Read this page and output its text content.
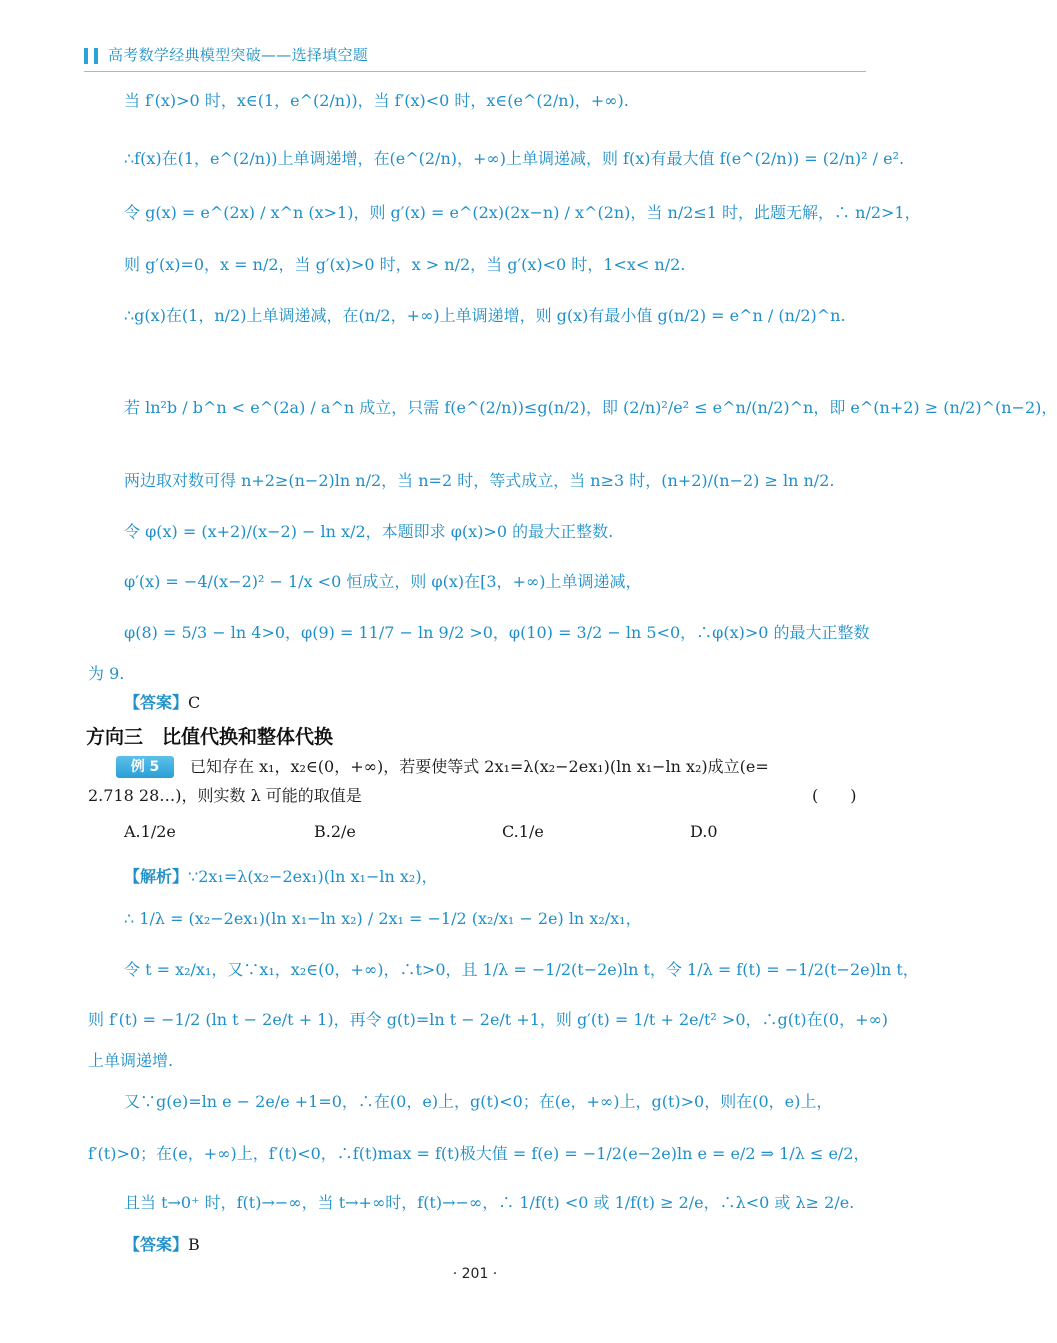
高考数学经典模型突破——选择填空题
当 f′(x)>0 时，x∈(1，e^(2/n))，当 f′(x)<0 时，x∈(e^(2/n)，+∞).
∴f(x)在(1，e^(2/n))上单调递增，在(e^(2/n)，+∞)上单调递减，则 f(x)有最大值 f(e^(2/n)) = (2/n)² / e².
令 g(x) = e^(2x) / x^n (x>1)，则 g′(x) = e^(2x)(2x−n) / x^(2n)，当 n/2≤1 时，此题无解，∴ n/2>1，
则 g′(x)=0，x = n/2，当 g′(x)>0 时，x > n/2，当 g′(x)<0 时，1<x< n/2.
∴g(x)在(1，n/2)上单调递减，在(n/2，+∞)上单调递增，则 g(x)有最小值 g(n/2) = e^n / (n/2)^n.
若 ln²b / b^n < e^(2a) / a^n 成立，只需 f(e^(2/n))≤g(n/2)，即 (2/n)²/e² ≤ e^n/(n/2)^n，即 e^(n+2) ≥ (n/2)^(n−2)，
两边取对数可得 n+2≥(n−2)ln n/2，当 n=2 时，等式成立，当 n≥3 时，(n+2)/(n−2) ≥ ln n/2.
令 φ(x) = (x+2)/(x−2) − ln x/2，本题即求 φ(x)>0 的最大正整数.
φ′(x) = −4/(x−2)² − 1/x <0 恒成立，则 φ(x)在[3，+∞)上单调递减，
φ(8) = 5/3 − ln 4>0，φ(9) = 11/7 − ln 9/2 >0，φ(10) = 3/2 − ln 5<0，∴φ(x)>0 的最大正整数
为 9.
【答案】C
方向三　比值代换和整体代换
例 5	已知存在 x₁，x₂∈(0，+∞)，若要使等式 2x₁=λ(x₂−2ex₁)(ln x₁−ln x₂)成立(e=
2.718 28…)，则实数 λ 可能的取值是	(　　)
A.1/2e	B.2/e	C.1/e	D.0
【解析】∵2x₁=λ(x₂−2ex₁)(ln x₁−ln x₂)，
∴ 1/λ = (x₂−2ex₁)(ln x₁−ln x₂) / 2x₁ = −1/2 (x₂/x₁ − 2e) ln x₂/x₁，
令 t = x₂/x₁，又∵x₁，x₂∈(0，+∞)，∴t>0，且 1/λ = −1/2(t−2e)ln t，令 1/λ = f(t) = −1/2(t−2e)ln t，
则 f′(t) = −1/2 (ln t − 2e/t + 1)，再令 g(t)=ln t − 2e/t +1，则 g′(t) = 1/t + 2e/t² >0，∴g(t)在(0，+∞)
上单调递增.
又∵g(e)=ln e − 2e/e +1=0，∴在(0，e)上，g(t)<0；在(e，+∞)上，g(t)>0，则在(0，e)上，
f′(t)>0；在(e，+∞)上，f′(t)<0，∴f(t)max = f(t)极大值 = f(e) = −1/2(e−2e)ln e = e/2 ⇒ 1/λ ≤ e/2，
且当 t→0⁺ 时，f(t)→−∞，当 t→+∞时，f(t)→−∞，∴ 1/f(t) <0 或 1/f(t) ≥ 2/e，∴λ<0 或 λ≥ 2/e.
【答案】B
· 201 ·
